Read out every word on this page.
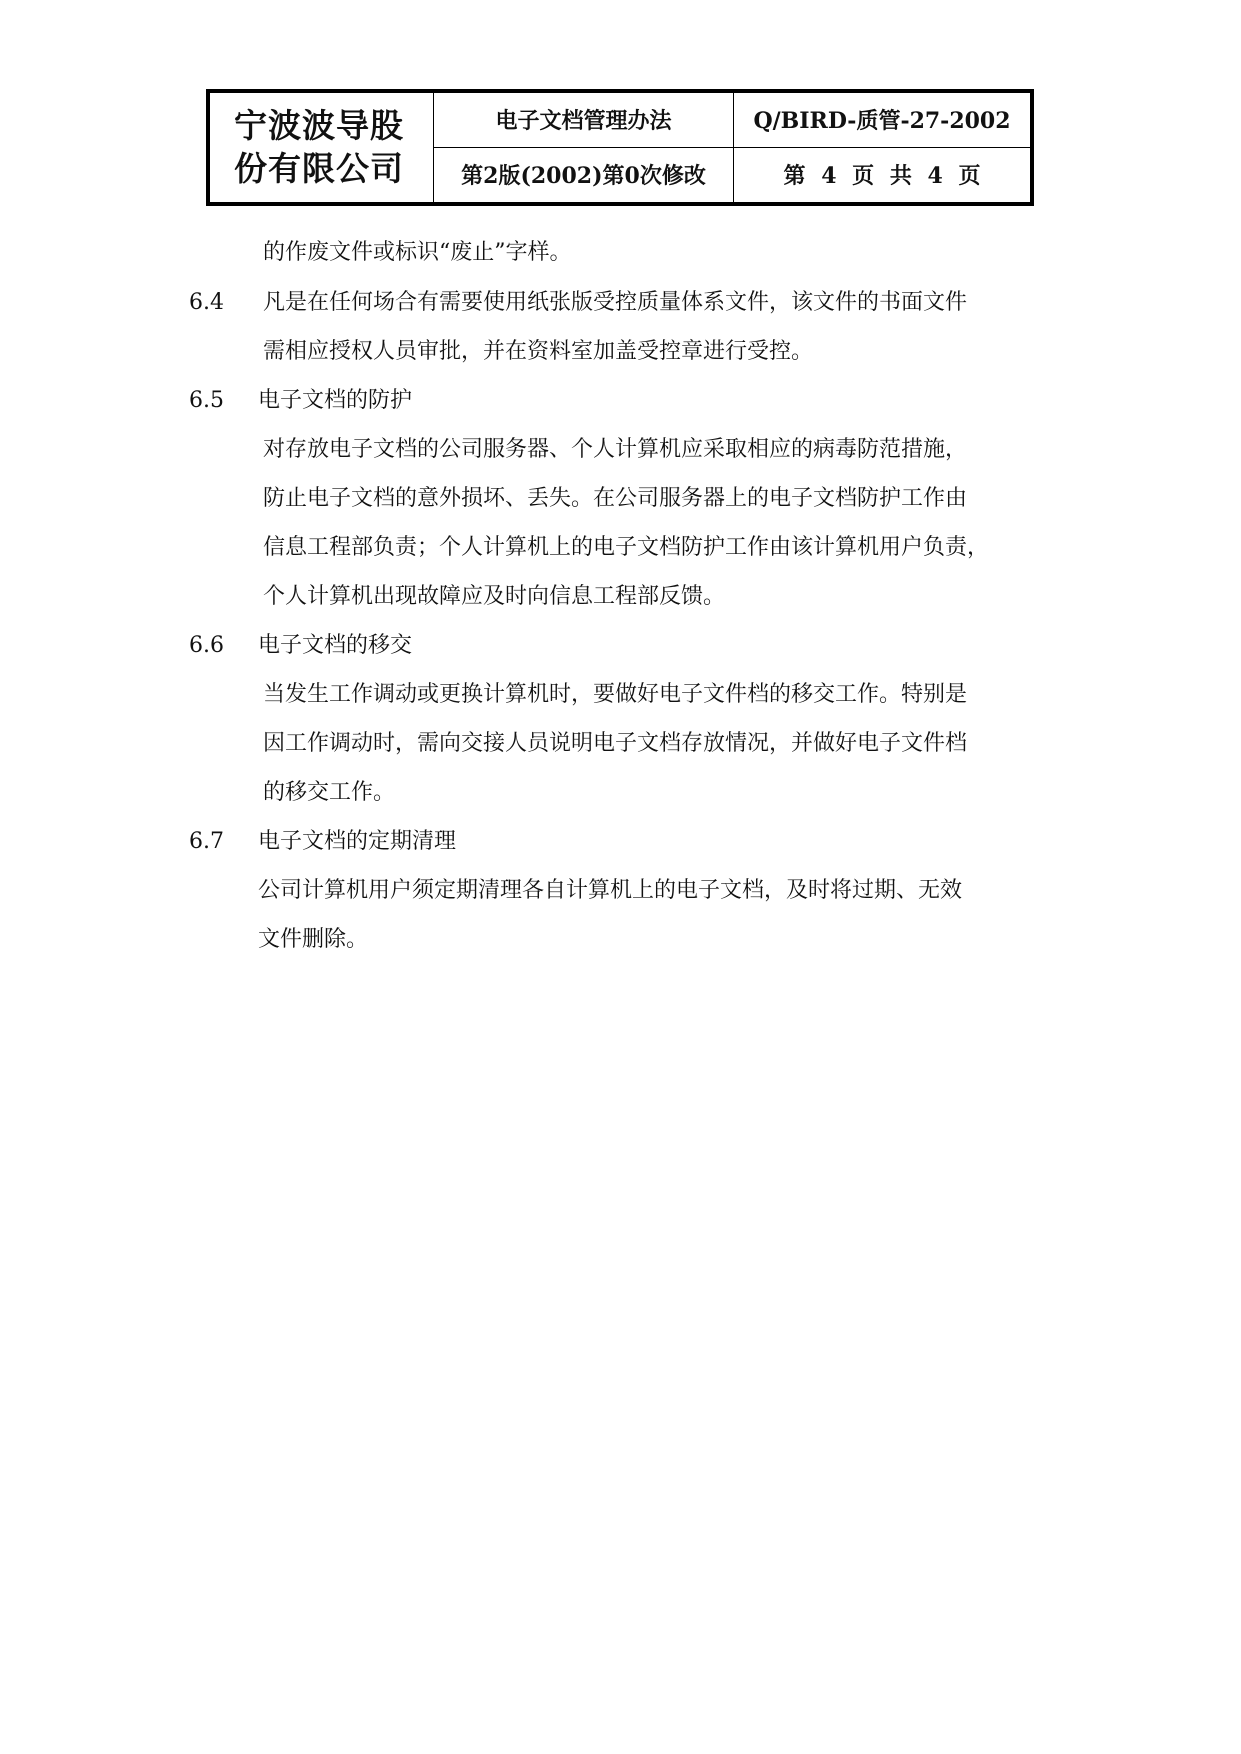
宁波波导股
份有限公司
电子文档管理办法	Q/BIRD-质管-27-2002
第2版(2002)第0次修改	第 4 页 共 4 页
的作废文件或标识“废止”字样。
6.4 凡是在任何场合有需要使用纸张版受控质量体系文件，该文件的书面文件
需相应授权人员审批，并在资料室加盖受控章进行受控。
6.5 电子文档的防护
对存放电子文档的公司服务器、个人计算机应采取相应的病毒防范措施，
防止电子文档的意外损坏、丢失。在公司服务器上的电子文档防护工作由
信息工程部负责；个人计算机上的电子文档防护工作由该计算机用户负责，
个人计算机出现故障应及时向信息工程部反馈。
6.6 电子文档的移交
当发生工作调动或更换计算机时，要做好电子文件档的移交工作。特别是
因工作调动时，需向交接人员说明电子文档存放情况，并做好电子文件档
的移交工作。
6.7 电子文档的定期清理
公司计算机用户须定期清理各自计算机上的电子文档，及时将过期、无效
文件删除。
